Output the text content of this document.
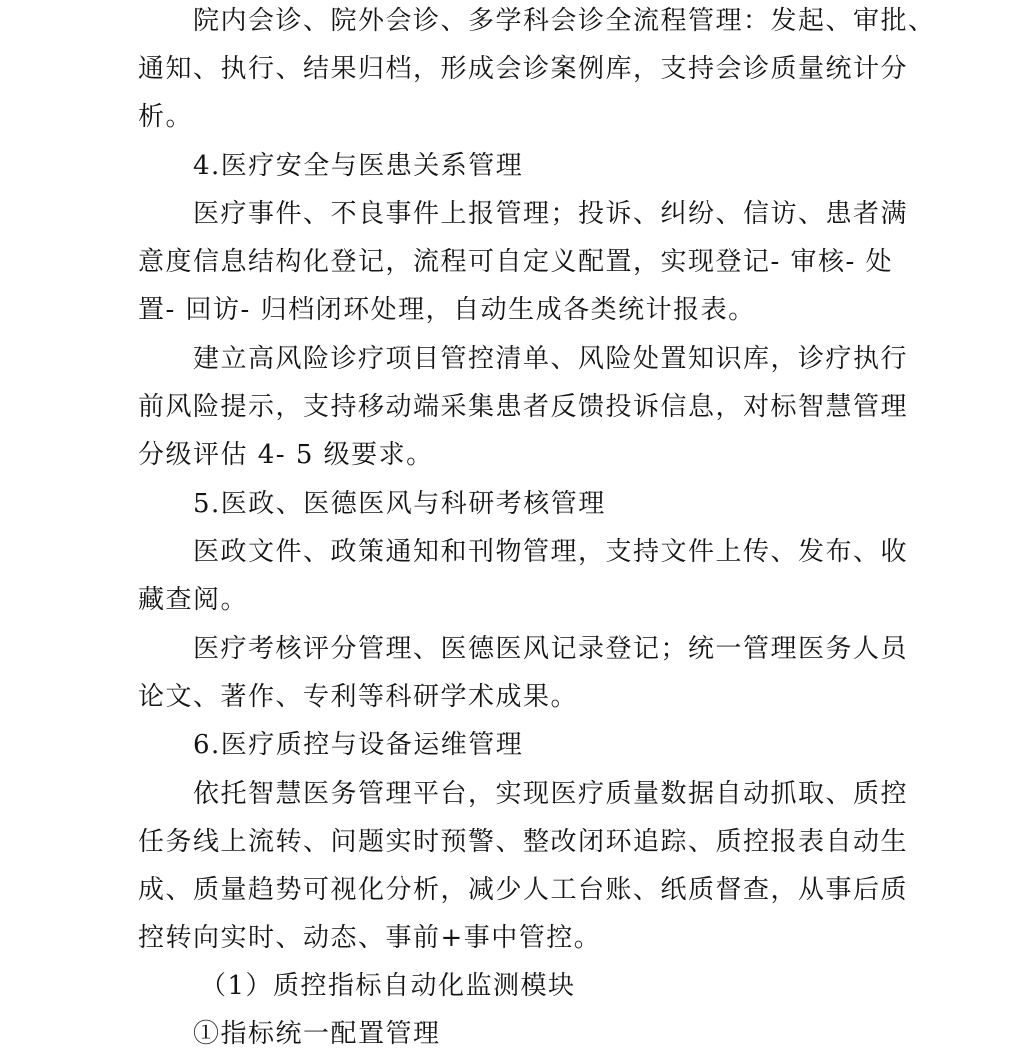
院内会诊、院外会诊、多学科会诊全流程管理：发起、审批、
通知、执行、结果归档，形成会诊案例库，支持会诊质量统计分
析。
4.医疗安全与医患关系管理
医疗事件、不良事件上报管理；投诉、纠纷、信访、患者满
意度信息结构化登记，流程可自定义配置，实现登记- 审核- 处
置- 回访- 归档闭环处理，自动生成各类统计报表。
建立高风险诊疗项目管控清单、风险处置知识库，诊疗执行
前风险提示，支持移动端采集患者反馈投诉信息，对标智慧管理
分级评估 4- 5 级要求。
5.医政、医德医风与科研考核管理
医政文件、政策通知和刊物管理，支持文件上传、发布、收
藏查阅。
医疗考核评分管理、医德医风记录登记；统一管理医务人员
论文、著作、专利等科研学术成果。
6.医疗质控与设备运维管理
依托智慧医务管理平台，实现医疗质量数据自动抓取、质控
任务线上流转、问题实时预警、整改闭环追踪、质控报表自动生
成、质量趋势可视化分析，减少人工台账、纸质督查，从事后质
控转向实时、动态、事前+事中管控。
（1）质控指标自动化监测模块
①指标统一配置管理
